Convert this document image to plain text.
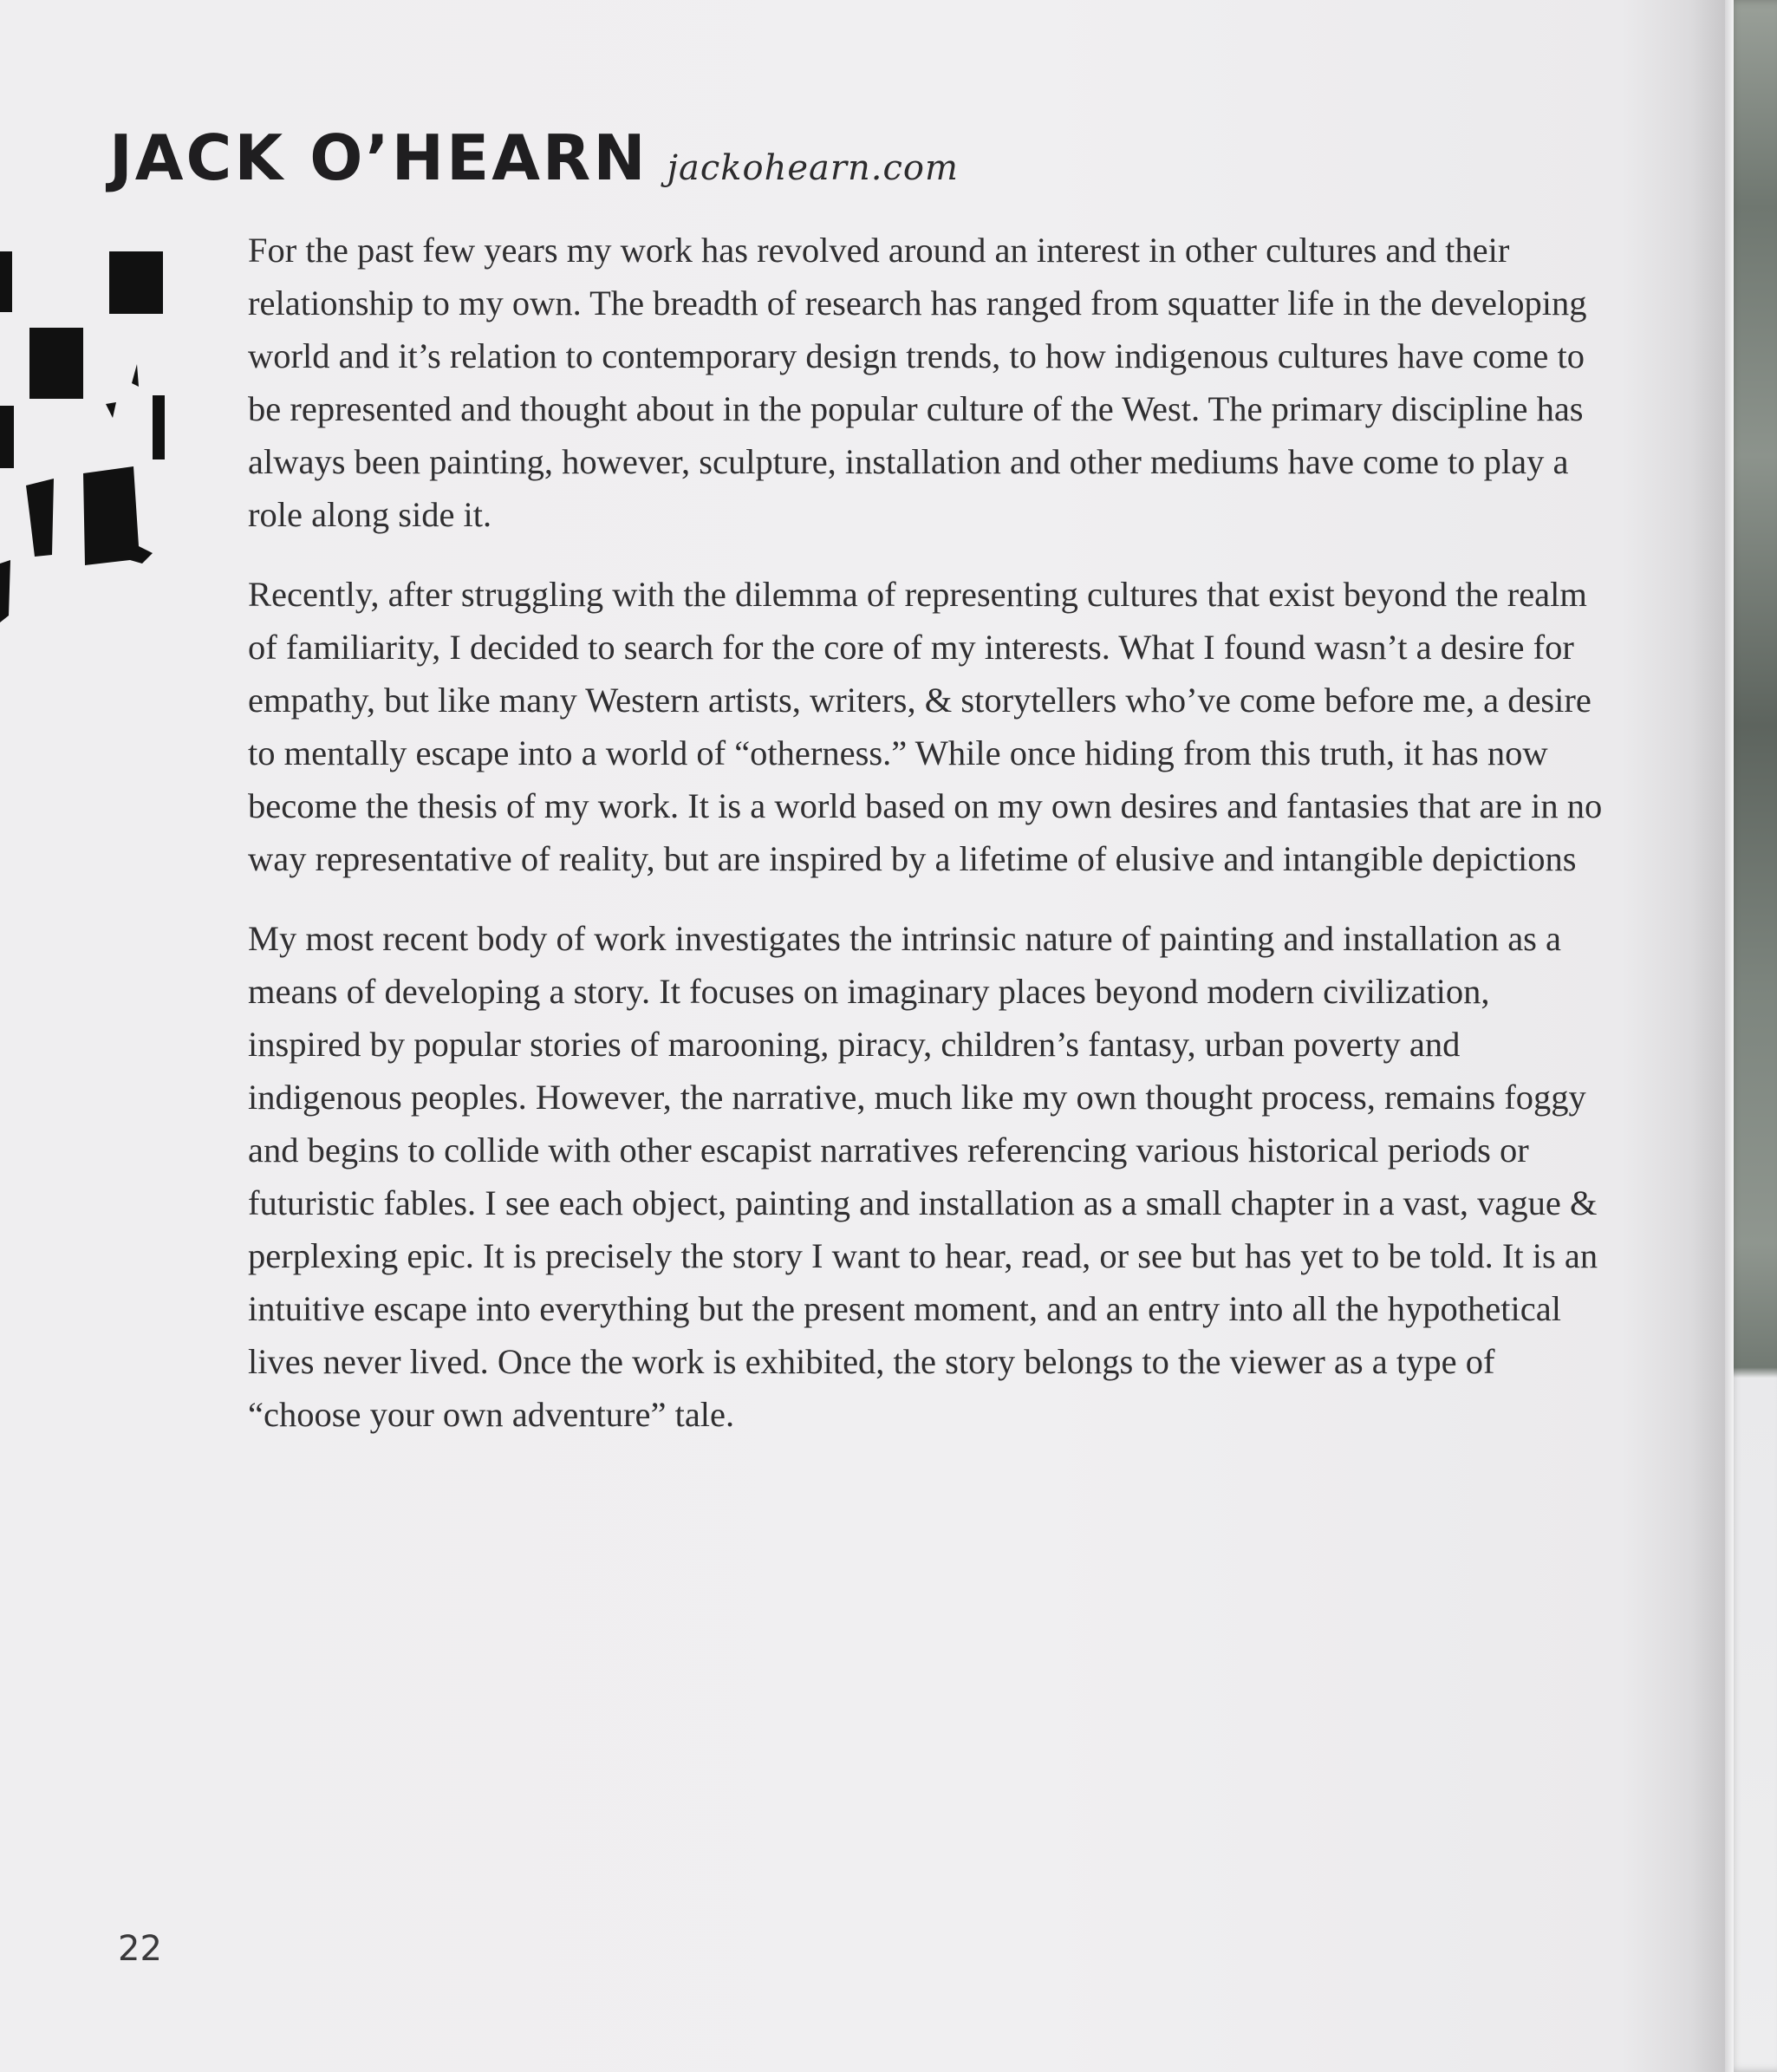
JACK O’HEARN jackohearn.com

For the past few years my work has revolved around an interest in other cultures and their relationship to my own. The breadth of research has ranged from squatter life in the developing world and it’s relation to contemporary design trends, to how indigenous cultures have come to be represented and thought about in the popular culture of the West. The primary discipline has always been painting, however, sculpture, installation and other mediums have come to play a role along side it.

Recently, after struggling with the dilemma of representing cultures that exist beyond the realm of familiarity, I decided to search for the core of my interests. What I found wasn’t a desire for empathy, but like many Western artists, writers, & storytellers who’ve come before me, a desire to mentally escape into a world of “otherness.” While once hiding from this truth, it has now become the thesis of my work. It is a world based on my own desires and fantasies that are in no way representative of reality, but are inspired by a lifetime of elusive and intangible depictions

My most recent body of work investigates the intrinsic nature of painting and installation as a means of developing a story. It focuses on imaginary places beyond modern civilization, inspired by popular stories of marooning, piracy, children’s fantasy, urban poverty and indigenous peoples. However, the narrative, much like my own thought process, remains foggy and begins to collide with other escapist narratives referencing various historical periods or futuristic fables. I see each object, painting and installation as a small chapter in a vast, vague & perplexing epic. It is precisely the story I want to hear, read, or see but has yet to be told. It is an intuitive escape into everything but the present moment, and an entry into all the hypothetical lives never lived. Once the work is exhibited, the story belongs to the viewer as a type of “choose your own adventure” tale.

22
